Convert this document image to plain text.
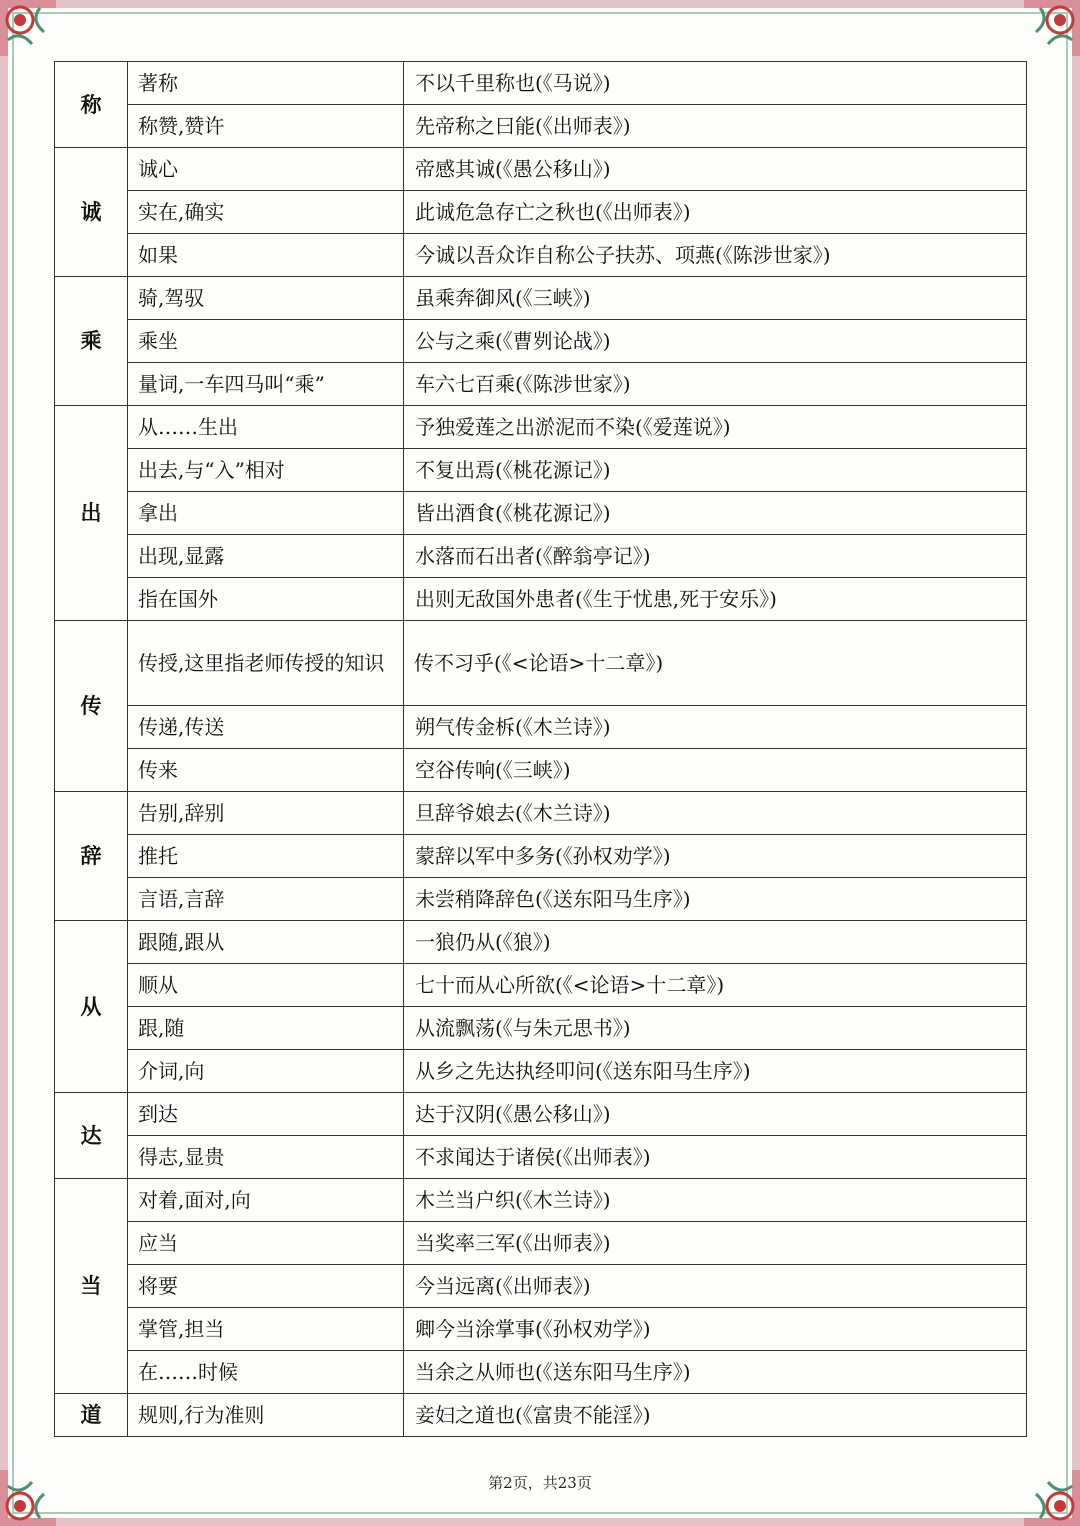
称	著称	不以千里称也(《马说》)
	称赞,赞许	先帝称之曰能(《出师表》)
诚	诚心	帝感其诚(《愚公移山》)
	实在,确实	此诚危急存亡之秋也(《出师表》)
	如果	今诚以吾众诈自称公子扶苏、项燕(《陈涉世家》)
乘	骑,驾驭	虽乘奔御风(《三峡》)
	乘坐	公与之乘(《曹刿论战》)
	量词,一车四马叫“乘”	车六七百乘(《陈涉世家》)
出	从……生出	予独爱莲之出淤泥而不染(《爱莲说》)
	出去,与“入”相对	不复出焉(《桃花源记》)
	拿出	皆出酒食(《桃花源记》)
	出现,显露	水落而石出者(《醉翁亭记》)
	指在国外	出则无敌国外患者(《生于忧患,死于安乐》)
传	传授,这里指老师传授的知识	传不习乎(《<论语>十二章》)
	传递,传送	朔气传金柝(《木兰诗》)
	传来	空谷传响(《三峡》)
辞	告别,辞别	旦辞爷娘去(《木兰诗》)
	推托	蒙辞以军中多务(《孙权劝学》)
	言语,言辞	未尝稍降辞色(《送东阳马生序》)
从	跟随,跟从	一狼仍从(《狼》)
	顺从	七十而从心所欲(《<论语>十二章》)
	跟,随	从流飘荡(《与朱元思书》)
	介词,向	从乡之先达执经叩问(《送东阳马生序》)
达	到达	达于汉阴(《愚公移山》)
	得志,显贵	不求闻达于诸侯(《出师表》)
当	对着,面对,向	木兰当户织(《木兰诗》)
	应当	当奖率三军(《出师表》)
	将要	今当远离(《出师表》)
	掌管,担当	卿今当涂掌事(《孙权劝学》)
	在……时候	当余之从师也(《送东阳马生序》)
道	规则,行为准则	妾妇之道也(《富贵不能淫》)
第2页，共23页
